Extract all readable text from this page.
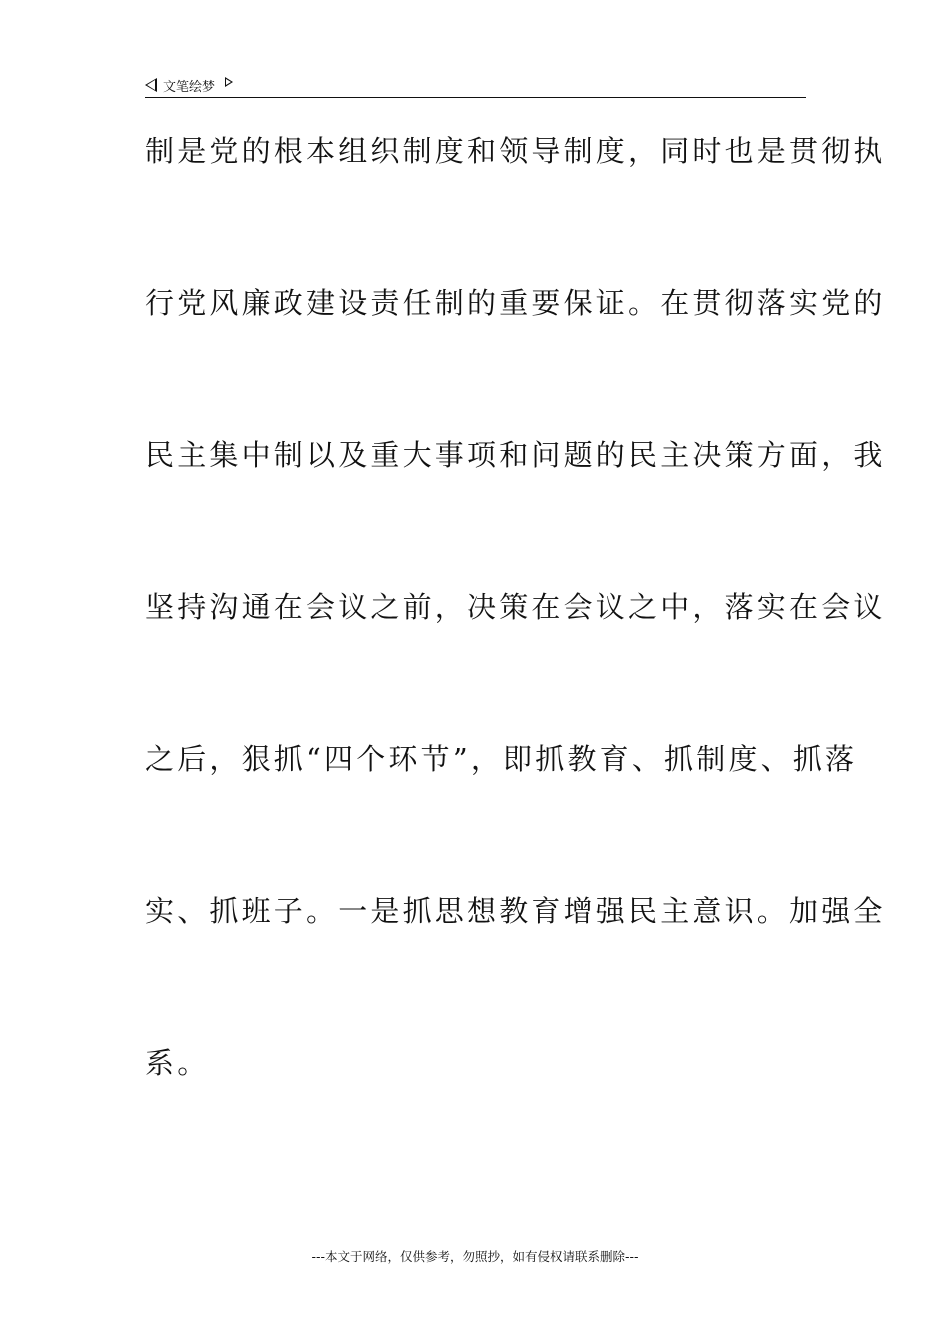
文笔绘梦
制是党的根本组织制度和领导制度，同时也是贯彻执
行党风廉政建设责任制的重要保证。在贯彻落实党的
民主集中制以及重大事项和问题的民主决策方面，我
坚持沟通在会议之前，决策在会议之中，落实在会议
之后，狠抓“四个环节”，即抓教育、抓制度、抓落
实、抓班子。一是抓思想教育增强民主意识。加强全
系。
---本文于网络，仅供参考，勿照抄，如有侵权请联系删除---
